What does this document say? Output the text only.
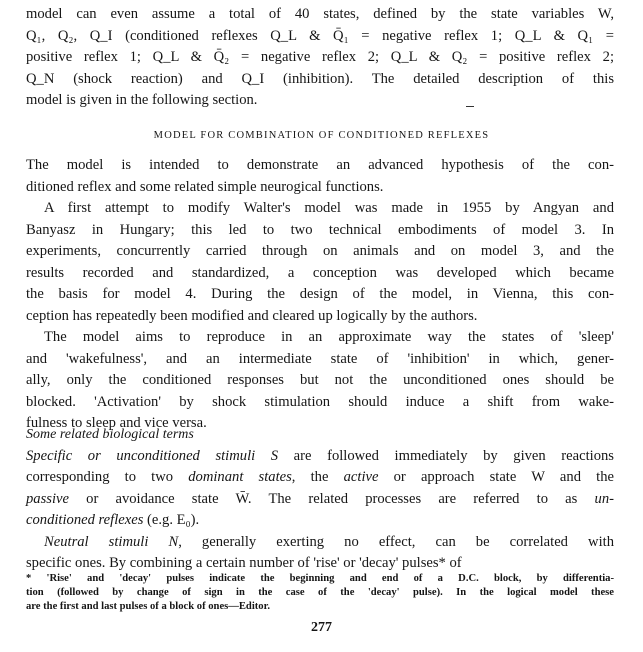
model can even assume a total of 40 states, defined by the state variables W,

Q₁, Q₂, Q_I (conditioned reflexes Q_L & Q̄₁ = negative reflex 1; Q_L & Q₁ =

positive reflex 1; Q_L & Q̄₂ = negative reflex 2; Q_L & Q₂ = positive reflex 2;

Q_N (shock reaction) and Q_I (inhibition). The detailed description of this

model is given in the following section.

MODEL FOR COMBINATION OF CONDITIONED REFLEXES

The model is intended to demonstrate an advanced hypothesis of the con-

ditioned reflex and some related simple neurogical functions.

A first attempt to modify Walter's model was made in 1955 by Angyan and

Banyasz in Hungary; this led to two technical embodiments of model 3. In

experiments, concurrently carried through on animals and on model 3, and the

results recorded and standardized, a conception was developed which became

the basis for model 4. During the design of the model, in Vienna, this con-

ception has repeatedly been modified and cleared up logically by the authors.

The model aims to reproduce in an approximate way the states of 'sleep'

and 'wakefulness', and an intermediate state of 'inhibition' in which, gener-

ally, only the conditioned responses but not the unconditioned ones should be

blocked. 'Activation' by shock stimulation should induce a shift from wake-

fulness to sleep and vice versa.

Some related biological terms

Specific or unconditioned stimuli S are followed immediately by given reactions

corresponding to two dominant states, the active or approach state W and the

passive or avoidance state W̄. The related processes are referred to as un-

conditioned reflexes (e.g. E₀).

Neutral stimuli N, generally exerting no effect, can be correlated with

specific ones. By combining a certain number of 'rise' or 'decay' pulses* of

* 'Rise' and 'decay' pulses indicate the beginning and end of a D.C. block, by differentia-

tion (followed by change of sign in the case of the 'decay' pulse). In the logical model these

are the first and last pulses of a block of ones—Editor.

277
